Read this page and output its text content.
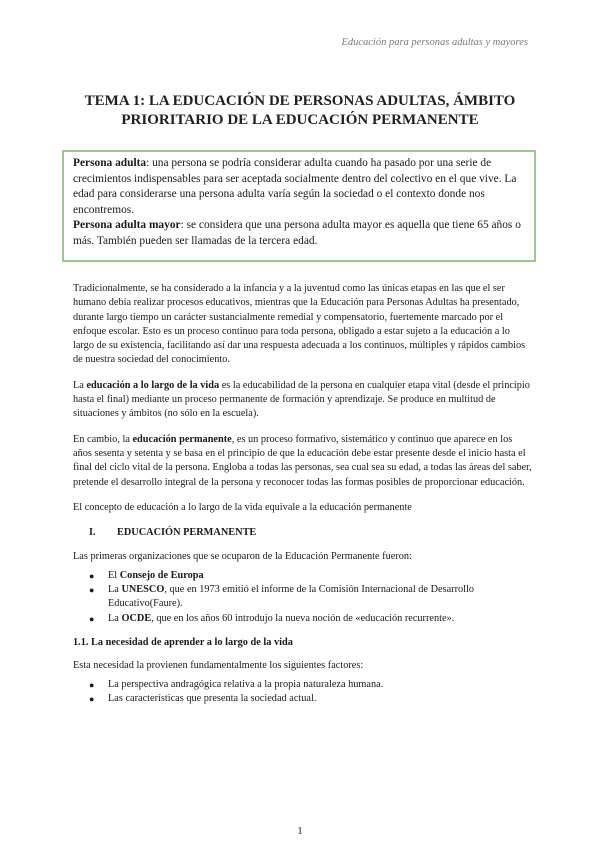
Educación para personas adultas y mayores
TEMA 1: LA EDUCACIÓN DE PERSONAS ADULTAS, ÁMBITO
PRIORITARIO DE LA EDUCACIÓN PERMANENTE

Persona adulta: una persona se podría considerar adulta cuando ha pasado por una serie de crecimientos indispensables para ser aceptada socialmente dentro del colectivo en el que vive. La edad para considerarse una persona adulta varía según la sociedad o el contexto donde nos encontremos.

Persona adulta mayor: se considera que una persona adulta mayor es aquella que tiene 65 años o más. También pueden ser llamadas de la tercera edad.

Tradicionalmente, se ha considerado a la infancia y a la juventud como las únicas etapas en las que el ser humano debía realizar procesos educativos, mientras que la Educación para Personas Adultas ha presentado, durante largo tiempo un carácter sustancialmente remedial y compensatorio, fuertemente marcado por el enfoque escolar. Esto es un proceso continuo para toda persona, obligado a estar sujeto a la educación a lo largo de su existencia, facilitando así dar una respuesta adecuada a los continuos, múltiples y rápidos cambios de nuestra sociedad del conocimiento.

La educación a lo largo de la vida es la educabilidad de la persona en cualquier etapa vital (desde el principio hasta el final) mediante un proceso permanente de formación y aprendizaje. Se produce en multitud de situaciones y ámbitos (no sólo en la escuela).

En cambio, la educación permanente, es un proceso formativo, sistemático y continuo que aparece en los años sesenta y setenta y se basa en el principio de que la educación debe estar presente desde el inicio hasta el final del ciclo vital de la persona. Engloba a todas las personas, sea cual sea su edad, a todas las áreas del saber, pretende el desarrollo integral de la persona y reconocer todas las formas posibles de proporcionar educación.

El concepto de educación a lo largo de la vida equivale a la educación permanente

I. EDUCACIÓN PERMANENTE

Las primeras organizaciones que se ocuparon de la Educación Permanente fueron:

● El Consejo de Europa
● La UNESCO, que en 1973 emitió el informe de la Comisión Internacional de Desarrollo Educativo(Faure).
● La OCDE, que en los años 60 introdujo la nueva noción de «educación recurrente».
1.1. La necesidad de aprender a lo largo de la vida

Esta necesidad la provienen fundamentalmente los siguientes factores:

● La perspectiva andragógica relativa a la propia naturaleza humana.
● Las características que presenta la sociedad actual.
1
